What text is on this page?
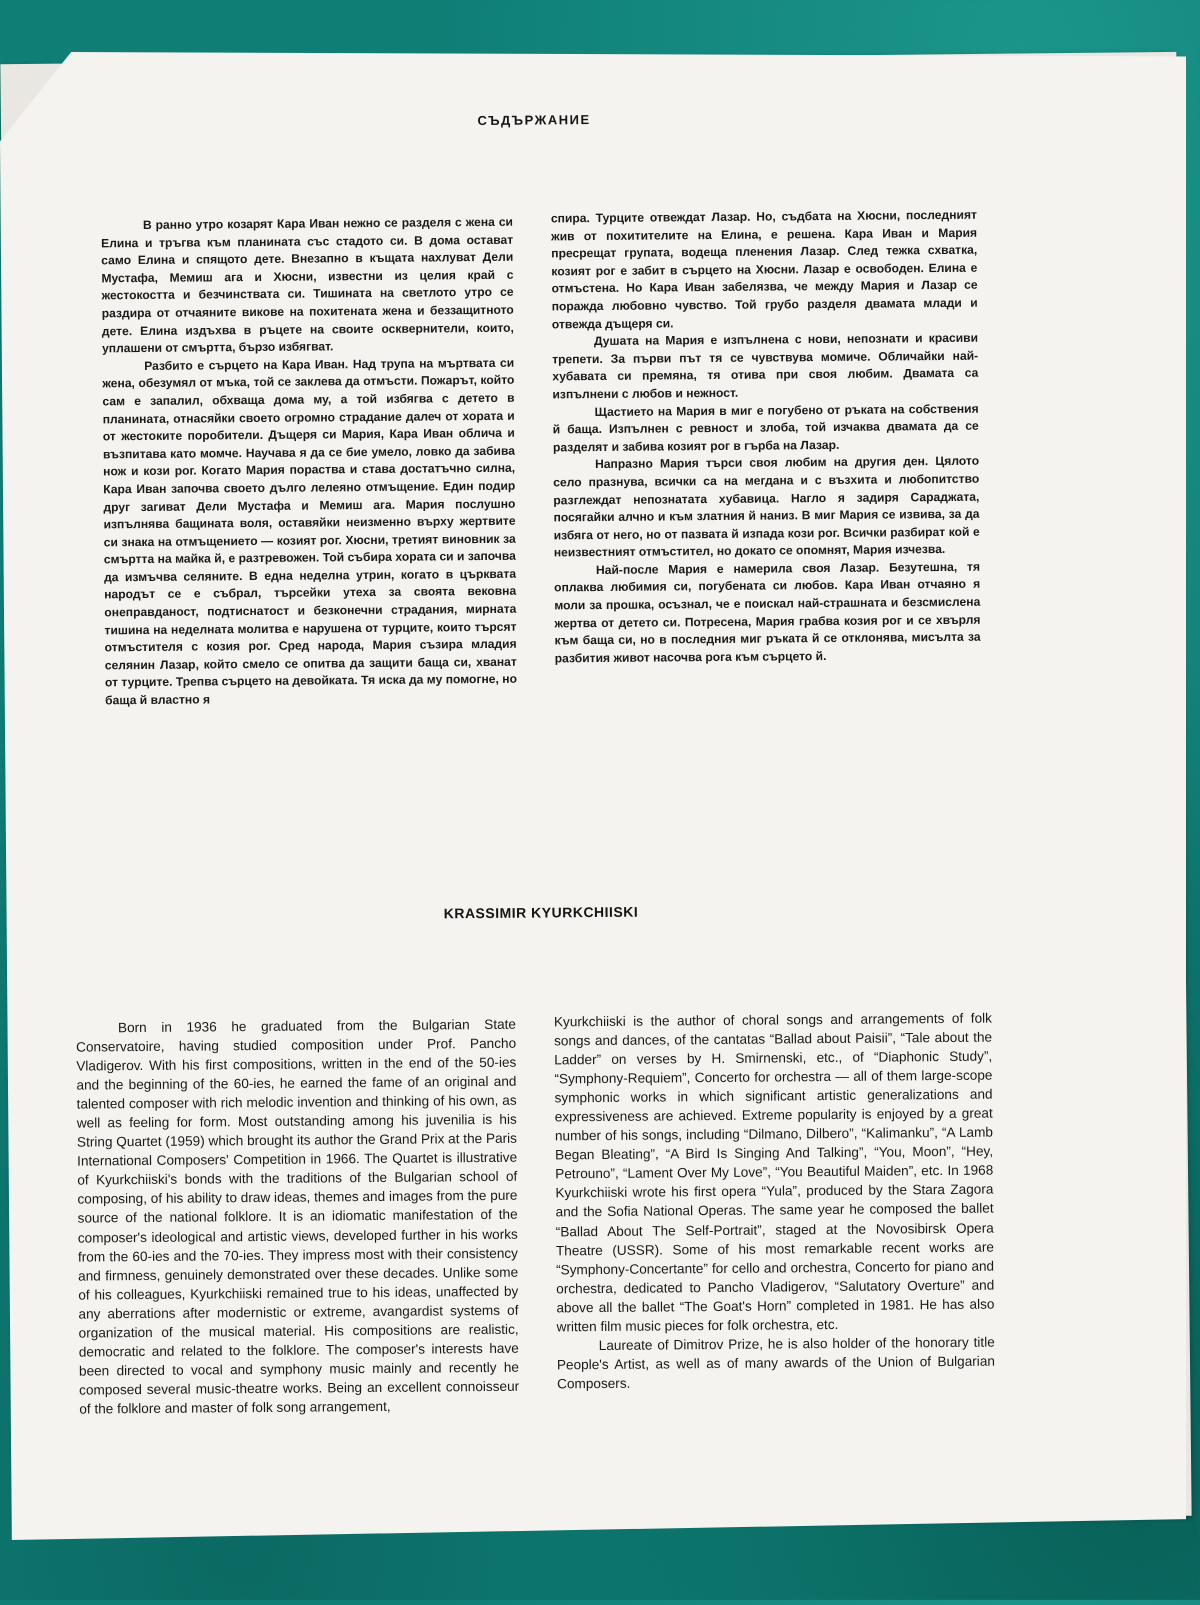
СЪДЪРЖАНИЕ

В ранно утро козарят Кара Иван нежно се разделя с жена си Елина и тръгва към планината със стадото си. В дома остават само Елина и спящото дете. Внезапно в къщата нахлуват Дели Мустафа, Мемиш ага и Хюсни, известни из целия край с жестокостта и безчинствата си. Тишината на светлото утро се раздира от отчаяните викове на похитената жена и беззащитното дете. Елина издъхва в ръцете на своите осквернители, които, уплашени от смъртта, бързо избягват.

Разбито е сърцето на Кара Иван. Над трупа на мъртвата си жена, обезумял от мъка, той се заклева да отмъсти. Пожарът, който сам е запалил, обхваща дома му, а той избягва с детето в планината, отнасяйки своето огромно страдание далеч от хората и от жестоките поробители. Дъщеря си Мария, Кара Иван облича и възпитава като момче. Научава я да се бие умело, ловко да забива нож и кози рог. Когато Мария пораства и става достатъчно силна, Кара Иван започва своето дълго лелеяно отмъщение. Един подир друг загиват Дели Мустафа и Мемиш ага. Мария послушно изпълнява бащината воля, оставяйки неизменно върху жертвите си знака на отмъщението — козият рог. Хюсни, третият виновник за смъртта на майка й, е разтревожен. Той събира хората си и започва да измъчва селяните. В една неделна утрин, когато в църквата народът се е събрал, търсейки утеха за своята вековна онеправданост, подтиснатост и безконечни страдания, мирната тишина на неделната молитва е нарушена от турците, които търсят отмъстителя с козия рог. Сред народа, Мария съзира младия селянин Лазар, който смело се опитва да защити баща си, хванат от турците. Трепва сърцето на девойката. Тя иска да му помогне, но баща й властно я

спира. Турците отвеждат Лазар. Но, съдбата на Хюсни, последният жив от похитителите на Елина, е решена. Кара Иван и Мария пресрещат групата, водеща пленения Лазар. След тежка схватка, козият рог е забит в сърцето на Хюсни. Лазар е освободен. Елина е отмъстена. Но Кара Иван забелязва, че между Мария и Лазар се поражда любовно чувство. Той грубо разделя двамата млади и отвежда дъщеря си.

Душата на Мария е изпълнена с нови, непознати и красиви трепети. За първи път тя се чувствува момиче. Обличайки най-хубавата си премяна, тя отива при своя любим. Двамата са изпълнени с любов и нежност.

Щастието на Мария в миг е погубено от ръката на собствения й баща. Изпълнен с ревност и злоба, той изчаква двамата да се разделят и забива козият рог в гърба на Лазар.

Напразно Мария търси своя любим на другия ден. Цялото село празнува, всички са на мегдана и с възхита и любопитство разглеждат непознатата хубавица. Нагло я задиря Сараджата, посягайки алчно и към златния й наниз. В миг Мария се извива, за да избяга от него, но от пазвата й изпада кози рог. Всички разбират кой е неизвестният отмъстител, но докато се опомнят, Мария изчезва.

Най-после Мария е намерила своя Лазар. Безутешна, тя оплаква любимия си, погубената си любов. Кара Иван отчаяно я моли за прошка, осъзнал, че е поискал най-страшната и безсмислена жертва от детето си. Потресена, Мария грабва козия рог и се хвърля към баща си, но в последния миг ръката й се отклонява, мисълта за разбития живот насочва рога към сърцето й.

KRASSIMIR KYURKCHIISKI

Born in 1936 he graduated from the Bulgarian State Conservatoire, having studied composition under Prof. Pancho Vladigerov. With his first compositions, written in the end of the 50-ies and the beginning of the 60-ies, he earned the fame of an original and talented composer with rich melodic invention and thinking of his own, as well as feeling for form. Most outstanding among his juvenilia is his String Quartet (1959) which brought its author the Grand Prix at the Paris International Composers' Competition in 1966. The Quartet is illustrative of Kyurkchiiski's bonds with the traditions of the Bulgarian school of composing, of his ability to draw ideas, themes and images from the pure source of the national folklore. It is an idiomatic manifestation of the composer's ideological and artistic views, developed further in his works from the 60-ies and the 70-ies. They impress most with their consistency and firmness, genuinely demonstrated over these decades. Unlike some of his colleagues, Kyurkchiiski remained true to his ideas, unaffected by any aberrations after modernistic or extreme, avangardist systems of organization of the musical material. His compositions are realistic, democratic and related to the folklore. The composer's interests have been directed to vocal and symphony music mainly and recently he composed several music-theatre works. Being an excellent connoisseur of the folklore and master of folk song arrangement,

Kyurkchiiski is the author of choral songs and arrangements of folk songs and dances, of the cantatas “Ballad about Paisii”, “Tale about the Ladder” on verses by H. Smirnenski, etc., of “Diaphonic Study”, “Symphony-Requiem”, Concerto for orchestra — all of them large-scope symphonic works in which significant artistic generalizations and expressiveness are achieved. Extreme popularity is enjoyed by a great number of his songs, including “Dilmano, Dilbero”, “Kalimanku”, “A Lamb Began Bleating”, “A Bird Is Singing And Talking”, “You, Moon”, “Hey, Petrouno”, “Lament Over My Love”, “You Beautiful Maiden”, etc. In 1968 Kyurkchiiski wrote his first opera “Yula”, produced by the Stara Zagora and the Sofia National Operas. The same year he composed the ballet “Ballad About The Self-Portrait”, staged at the Novosibirsk Opera Theatre (USSR). Some of his most remarkable recent works are “Symphony-Concertante” for cello and orchestra, Concerto for piano and orchestra, dedicated to Pancho Vladigerov, “Salutatory Overture” and above all the ballet “The Goat's Horn” completed in 1981. He has also written film music pieces for folk orchestra, etc.

Laureate of Dimitrov Prize, he is also holder of the honorary title People's Artist, as well as of many awards of the Union of Bulgarian Composers.
